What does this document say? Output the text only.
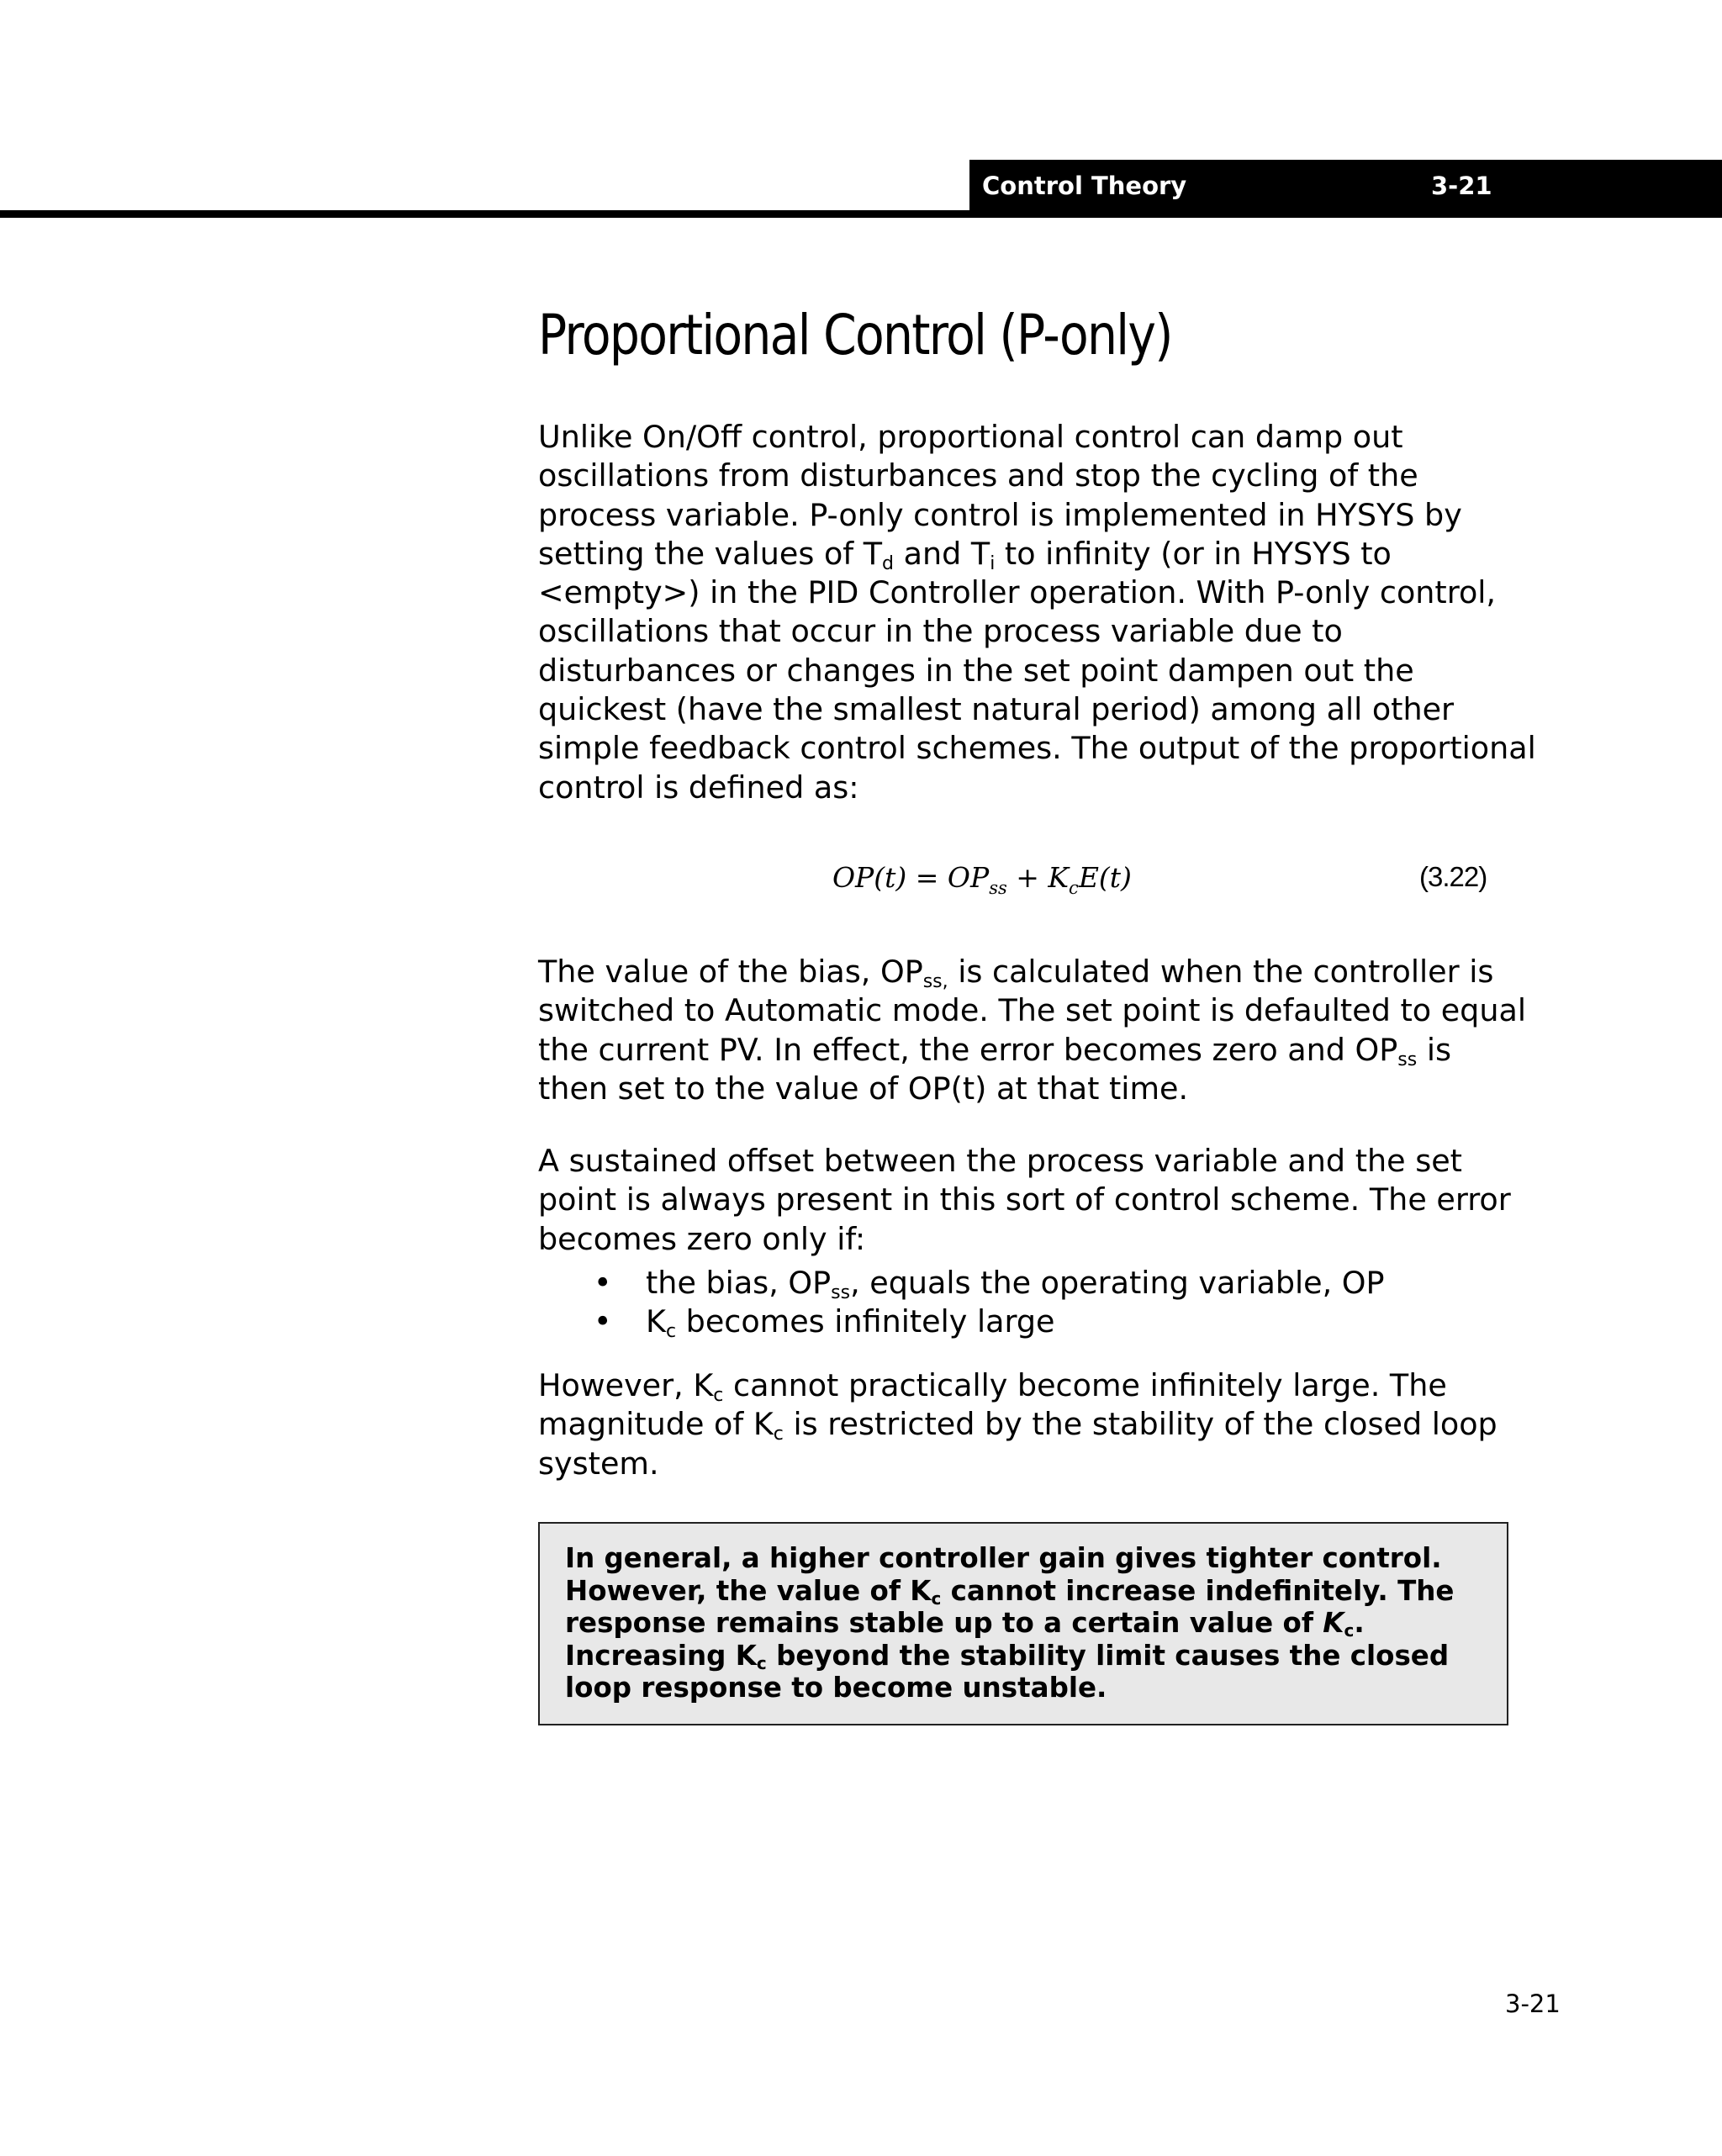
Control Theory	3-21
Proportional Control (P-only)

Unlike On/Off control, proportional control can damp out

oscillations from disturbances and stop the cycling of the

process variable. P-only control is implemented in HYSYS by

setting the values of $T_d$ and $T_i$ to infinity (or in HYSYS to

<empty>) in the PID Controller operation. With P-only control,

oscillations that occur in the process variable due to

disturbances or changes in the set point dampen out the

quickest (have the smallest natural period) among all other

simple feedback control schemes. The output of the proportional

control is defined as:

$OP(t) = OP_{ss} + K_cE(t)$	(3.22)

The value of the bias, $OP_{ss,}$ is calculated when the controller is

switched to Automatic mode. The set point is defaulted to equal

the current PV. In effect, the error becomes zero and $OP_{ss}$ is

then set to the value of OP(t) at that time.

A sustained offset between the process variable and the set

point is always present in this sort of control scheme. The error

becomes zero only if:

• the bias, $OP_{ss}$, equals the operating variable, OP
• $K_c$ becomes infinitely large

However, $K_c$ cannot practically become infinitely large. The

magnitude of $K_c$ is restricted by the stability of the closed loop

system.

In general, a higher controller gain gives tighter control.
However, the value of $K_c$ cannot increase indefinitely. The
response remains stable up to a certain value of $K_c$.
Increasing $K_c$ beyond the stability limit causes the closed
loop response to become unstable.

3-21
